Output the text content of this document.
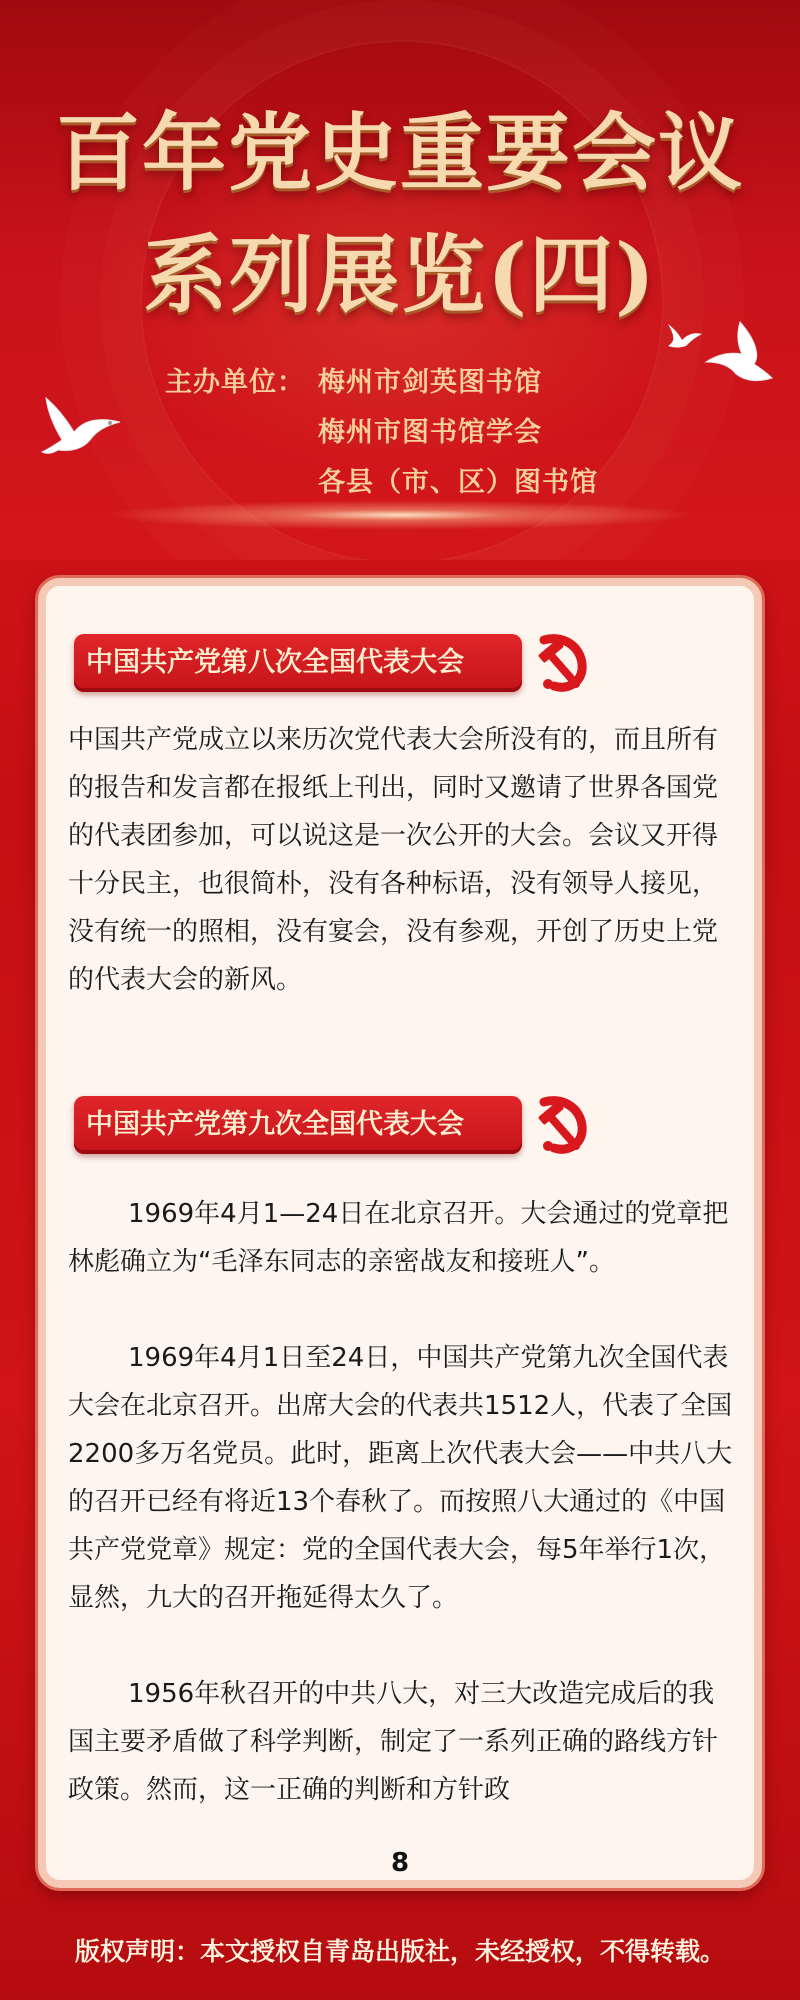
百年党史重要会议
系列展览(四)
主办单位： 梅州市剑英图书馆
梅州市图书馆学会
各县（市、区）图书馆
中国共产党第八次全国代表大会

中国共产党成立以来历次党代表大会所没有的，而且所有的报告和发言都在报纸上刊出，同时又邀请了世界各国党的代表团参加，可以说这是一次公开的大会。会议又开得十分民主，也很简朴，没有各种标语，没有领导人接见，没有统一的照相，没有宴会，没有参观，开创了历史上党的代表大会的新风。

中国共产党第九次全国代表大会

1969年4月1—24日在北京召开。大会通过的党章把林彪确立为“毛泽东同志的亲密战友和接班人”。

1969年4月1日至24日，中国共产党第九次全国代表大会在北京召开。出席大会的代表共1512人，代表了全国2200多万名党员。此时，距离上次代表大会——中共八大的召开已经有将近13个春秋了。而按照八大通过的《中国共产党党章》规定：党的全国代表大会，每5年举行1次，显然，九大的召开拖延得太久了。

1956年秋召开的中共八大，对三大改造完成后的我国主要矛盾做了科学判断，制定了一系列正确的路线方针政策。然而，这一正确的判断和方针政

8
版权声明：本文授权自青岛出版社，未经授权，不得转载。
